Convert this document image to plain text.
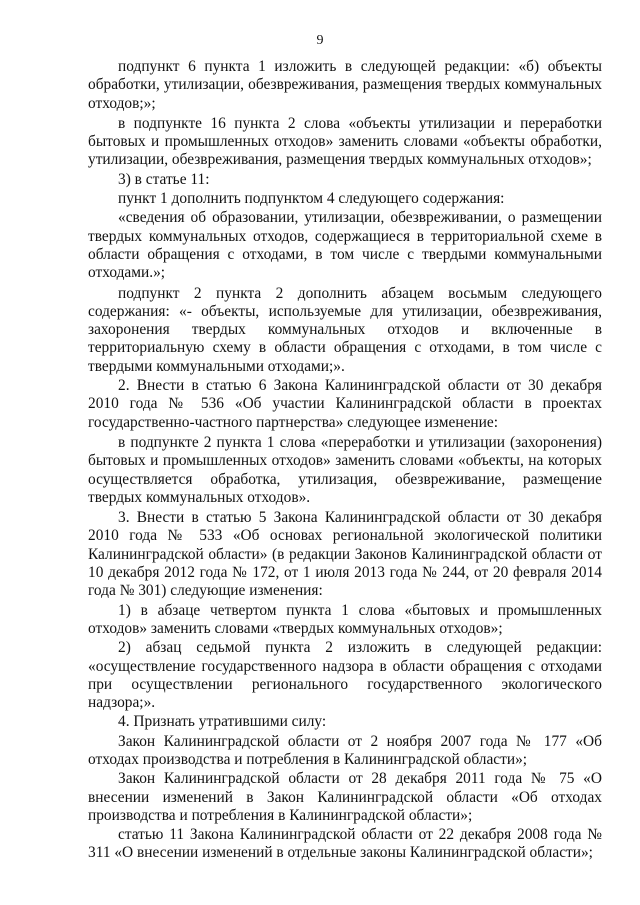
9

подпункт 6 пункта 1 изложить в следующей редакции: «б) объекты обработки, утилизации, обезвреживания, размещения твердых коммунальных отходов;»;

в подпункте 16 пункта 2 слова «объекты утилизации и переработки бытовых и промышленных отходов» заменить словами «объекты обработки, утилизации, обезвреживания, размещения твердых коммунальных отходов»;

3) в статье 11:

пункт 1 дополнить подпунктом 4 следующего содержания:

«сведения об образовании, утилизации, обезвреживании, о размещении твердых коммунальных отходов, содержащиеся в территориальной схеме в области обращения с отходами, в том числе с твердыми коммунальными отходами.»;

подпункт 2 пункта 2 дополнить абзацем восьмым следующего содержания: «- объекты, используемые для утилизации, обезвреживания, захоронения твердых коммунальных отходов и включенные в территориальную схему в области обращения с отходами, в том числе с твердыми коммунальными отходами;».

2. Внести в статью 6 Закона Калининградской области от 30 декабря 2010 года № 536 «Об участии Калининградской области в проектах государственно-частного партнерства» следующее изменение:

в подпункте 2 пункта 1 слова «переработки и утилизации (захоронения) бытовых и промышленных отходов» заменить словами «объекты, на которых осуществляется обработка, утилизация, обезвреживание, размещение твердых коммунальных отходов».

3. Внести в статью 5 Закона Калининградской области от 30 декабря 2010 года № 533 «Об основах региональной экологической политики Калининградской области» (в редакции Законов Калининградской области от 10 декабря 2012 года № 172, от 1 июля 2013 года № 244, от 20 февраля 2014 года № 301) следующие изменения:

1) в абзаце четвертом пункта 1 слова «бытовых и промышленных отходов» заменить словами «твердых коммунальных отходов»;

2) абзац седьмой пункта 2 изложить в следующей редакции: «осуществление государственного надзора в области обращения с отходами при осуществлении регионального государственного экологического надзора;».

4. Признать утратившими силу:

Закон Калининградской области от 2 ноября 2007 года № 177 «Об отходах производства и потребления в Калининградской области»;

Закон Калининградской области от 28 декабря 2011 года № 75 «О внесении изменений в Закон Калининградской области «Об отходах производства и потребления в Калининградской области»;

статью 11 Закона Калининградской области от 22 декабря 2008 года № 311 «О внесении изменений в отдельные законы Калининградской области»;
